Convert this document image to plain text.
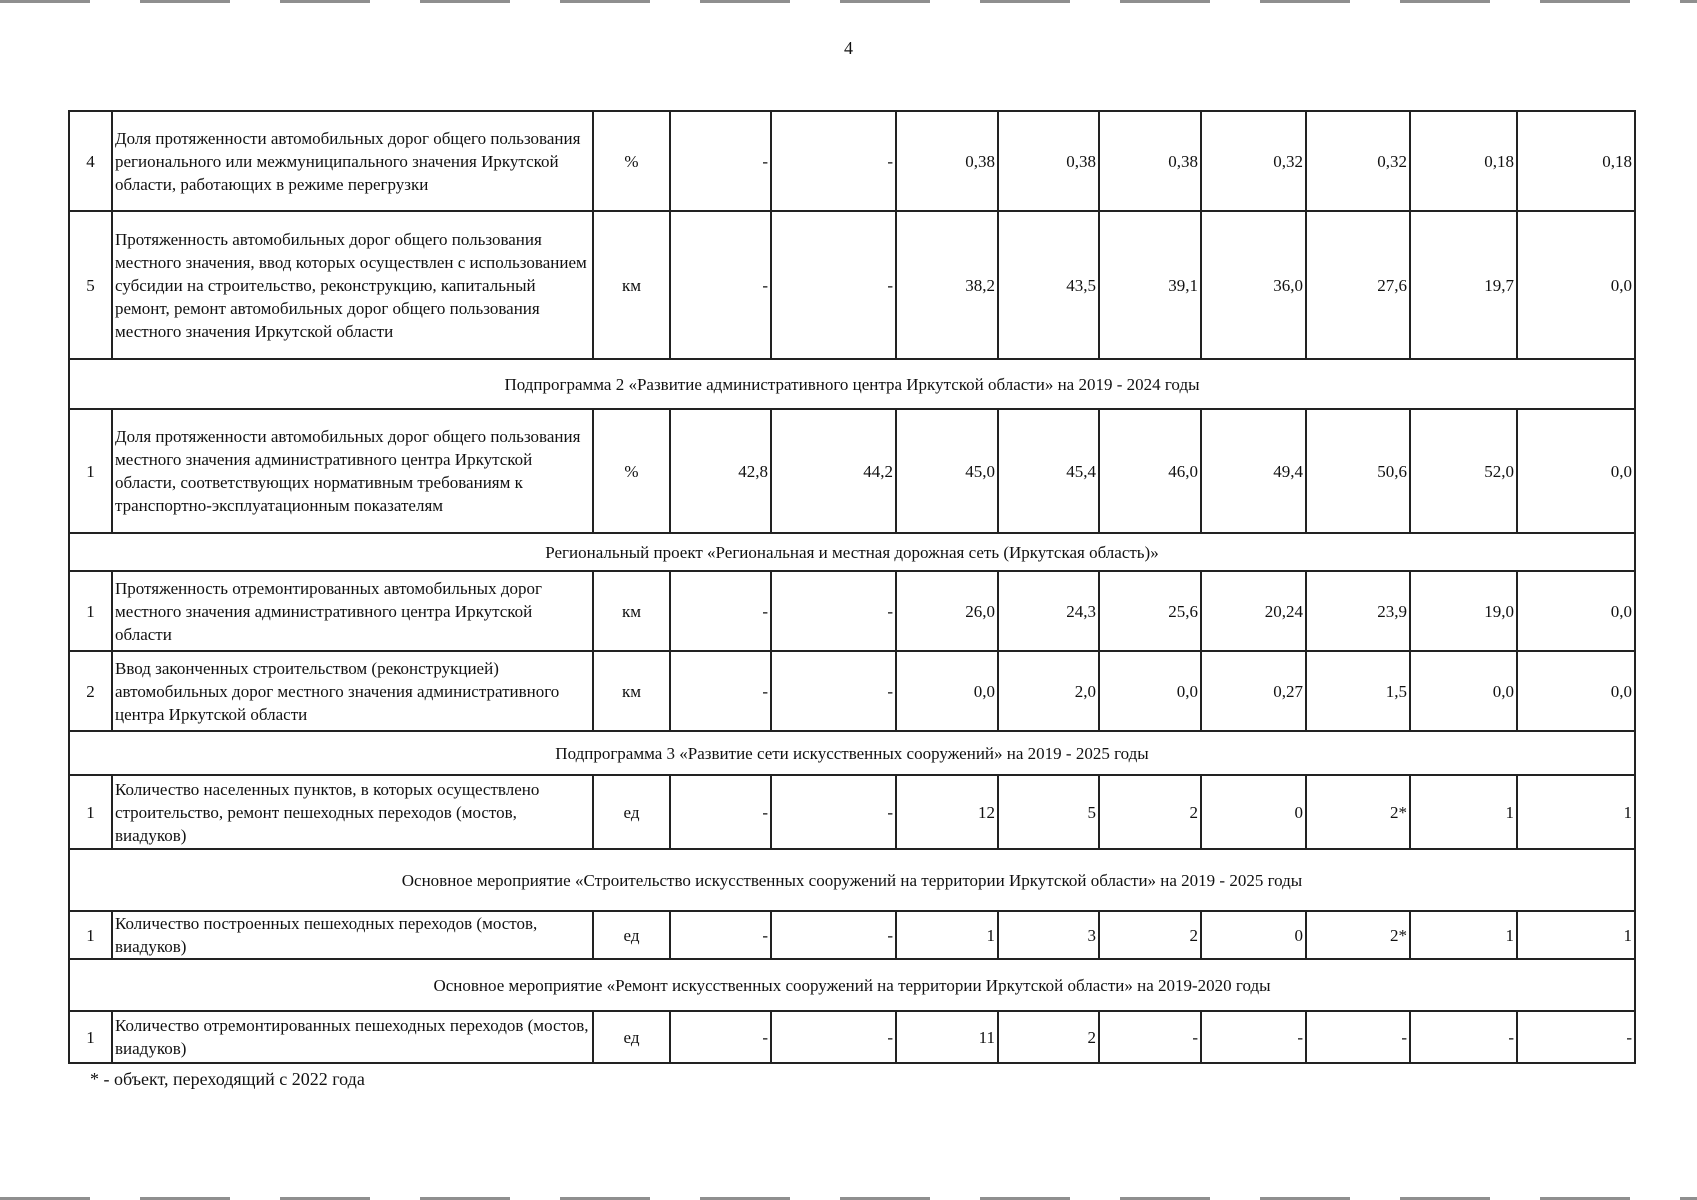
4
4	Доля протяженности автомобильных дорог общего пользования регионального или межмуниципального значения Иркутской области, работающих в режиме перегрузки	%	-	-	0,38	0,38	0,38	0,32	0,32	0,18	0,18
5	Протяженность автомобильных дорог общего пользования местного значения, ввод которых осуществлен с использованием субсидии на строительство, реконструкцию, капитальный ремонт, ремонт автомобильных дорог общего пользования местного значения Иркутской области	км	-	-	38,2	43,5	39,1	36,0	27,6	19,7	0,0
Подпрограмма 2 «Развитие административного центра Иркутской области» на 2019 - 2024 годы											
1	Доля протяженности автомобильных дорог общего пользования местного значения административного центра Иркутской области, соответствующих нормативным требованиям к транспортно-эксплуатационным показателям	%	42,8	44,2	45,0	45,4	46,0	49,4	50,6	52,0	0,0
Региональный проект «Региональная и местная дорожная сеть (Иркутская область)»											
1	Протяженность отремонтированных автомобильных дорог местного значения административного центра Иркутской области	км	-	-	26,0	24,3	25,6	20,24	23,9	19,0	0,0
2	Ввод законченных строительством (реконструкцией) автомобильных дорог местного значения административного центра Иркутской области	км	-	-	0,0	2,0	0,0	0,27	1,5	0,0	0,0
Подпрограмма 3 «Развитие сети искусственных сооружений» на 2019 - 2025 годы											
1	Количество населенных пунктов, в которых осуществлено строительство, ремонт пешеходных переходов (мостов, виадуков)	ед	-	-	12	5	2	0	2*	1	1
Основное мероприятие «Строительство искусственных сооружений на территории Иркутской области» на 2019 - 2025 годы											
1	Количество построенных пешеходных переходов (мостов, виадуков)	ед	-	-	1	3	2	0	2*	1	1
Основное мероприятие «Ремонт искусственных сооружений на территории Иркутской области» на 2019-2020 годы											
1	Количество отремонтированных пешеходных переходов (мостов, виадуков)	ед	-	-	11	2	-	-	-	-	-
* - объект, переходящий с 2022 года
